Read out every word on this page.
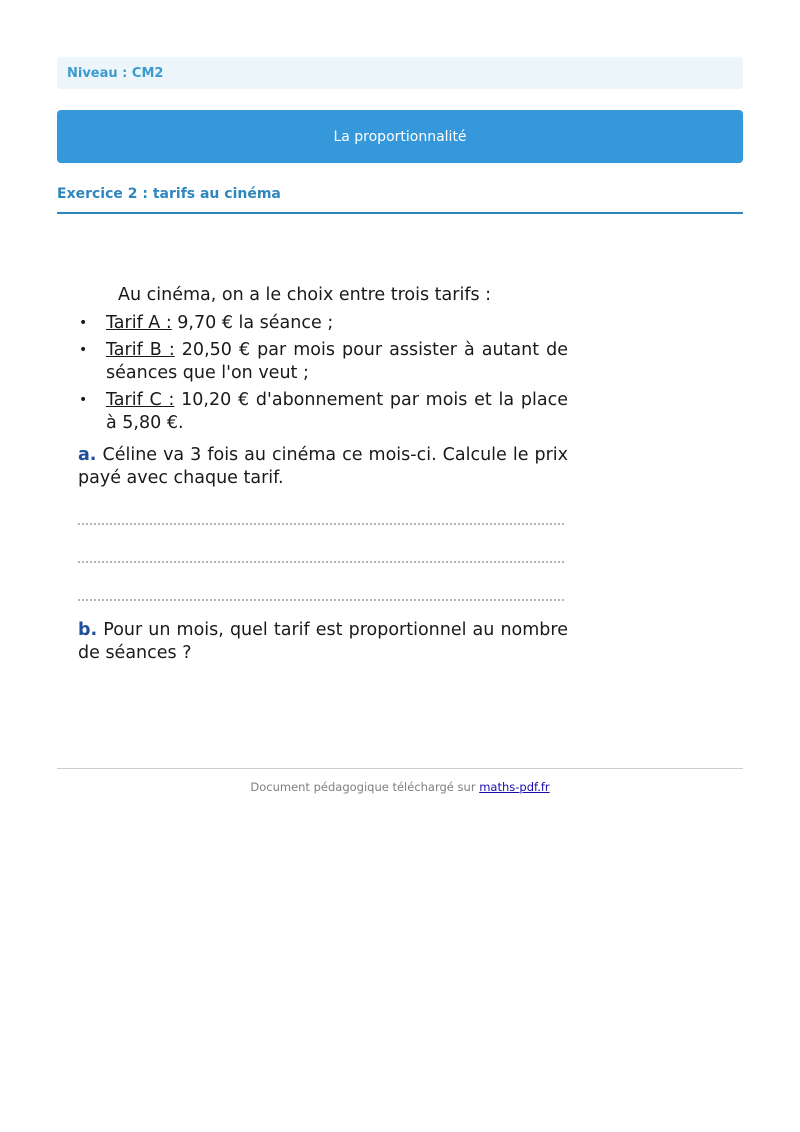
Niveau : CM2
La proportionnalité
Exercice 2 : tarifs au cinéma
Au cinéma, on a le choix entre trois tarifs :
• Tarif A : 9,70 € la séance ;
• Tarif B : 20,50 € par mois pour assister à autant de séances que l'on veut ;
• Tarif C : 10,20 € d'abonnement par mois et la place à 5,80 €.
a. Céline va 3 fois au cinéma ce mois-ci. Calcule le prix payé avec chaque tarif.
b. Pour un mois, quel tarif est proportionnel au nombre de séances ?
Document pédagogique téléchargé sur maths-pdf.fr
